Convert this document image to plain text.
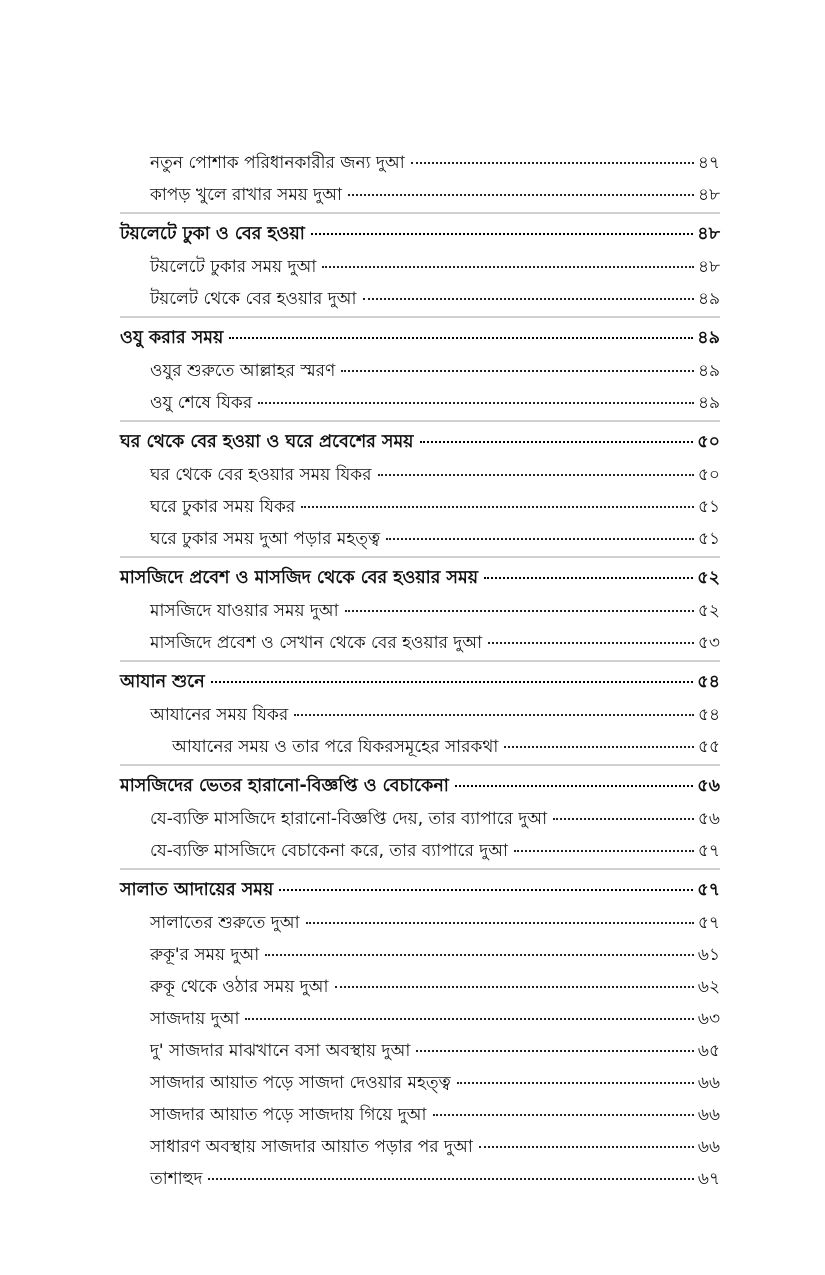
নতুন পোশাক পরিধানকারীর জন্য দুআ	৪৭
কাপড় খুলে রাখার সময় দুআ	৪৮
টয়লেটে ঢুকা ও বের হওয়া	৪৮
টয়লেটে ঢুকার সময় দুআ	৪৮
টয়লেট থেকে বের হওয়ার দুআ	৪৯
ওযু করার সময়	৪৯
ওযুর শুরুতে আল্লাহর স্মরণ	৪৯
ওযু শেষে যিকর	৪৯
ঘর থেকে বের হওয়া ও ঘরে প্রবেশের সময়	৫০
ঘর থেকে বের হওয়ার সময় যিকর	৫০
ঘরে ঢুকার সময় যিকর	৫১
ঘরে ঢুকার সময় দুআ পড়ার মহত্ত্ব	৫১
মাসজিদে প্রবেশ ও মাসজিদ থেকে বের হওয়ার সময়	৫২
মাসজিদে যাওয়ার সময় দুআ	৫২
মাসজিদে প্রবেশ ও সেখান থেকে বের হওয়ার দুআ	৫৩
আযান শুনে	৫৪
আযানের সময় যিকর	৫৪
আযানের সময় ও তার পরে যিকরসমূহের সারকথা	৫৫
মাসজিদের ভেতর হারানো-বিজ্ঞপ্তি ও বেচাকেনা	৫৬
যে-ব্যক্তি মাসজিদে হারানো-বিজ্ঞপ্তি দেয়, তার ব্যাপারে দুআ	৫৬
যে-ব্যক্তি মাসজিদে বেচাকেনা করে, তার ব্যাপারে দুআ	৫৭
সালাত আদায়ের সময়	৫৭
সালাতের শুরুতে দুআ	৫৭
রুকূ'র সময় দুআ	৬১
রুকূ থেকে ওঠার সময় দুআ	৬২
সাজদায় দুআ	৬৩
দু' সাজদার মাঝখানে বসা অবস্থায় দুআ	৬৫
সাজদার আয়াত পড়ে সাজদা দেওয়ার মহত্ত্ব	৬৬
সাজদার আয়াত পড়ে সাজদায় গিয়ে দুআ	৬৬
সাধারণ অবস্থায় সাজদার আয়াত পড়ার পর দুআ	৬৬
তাশাহুদ	৬৭
